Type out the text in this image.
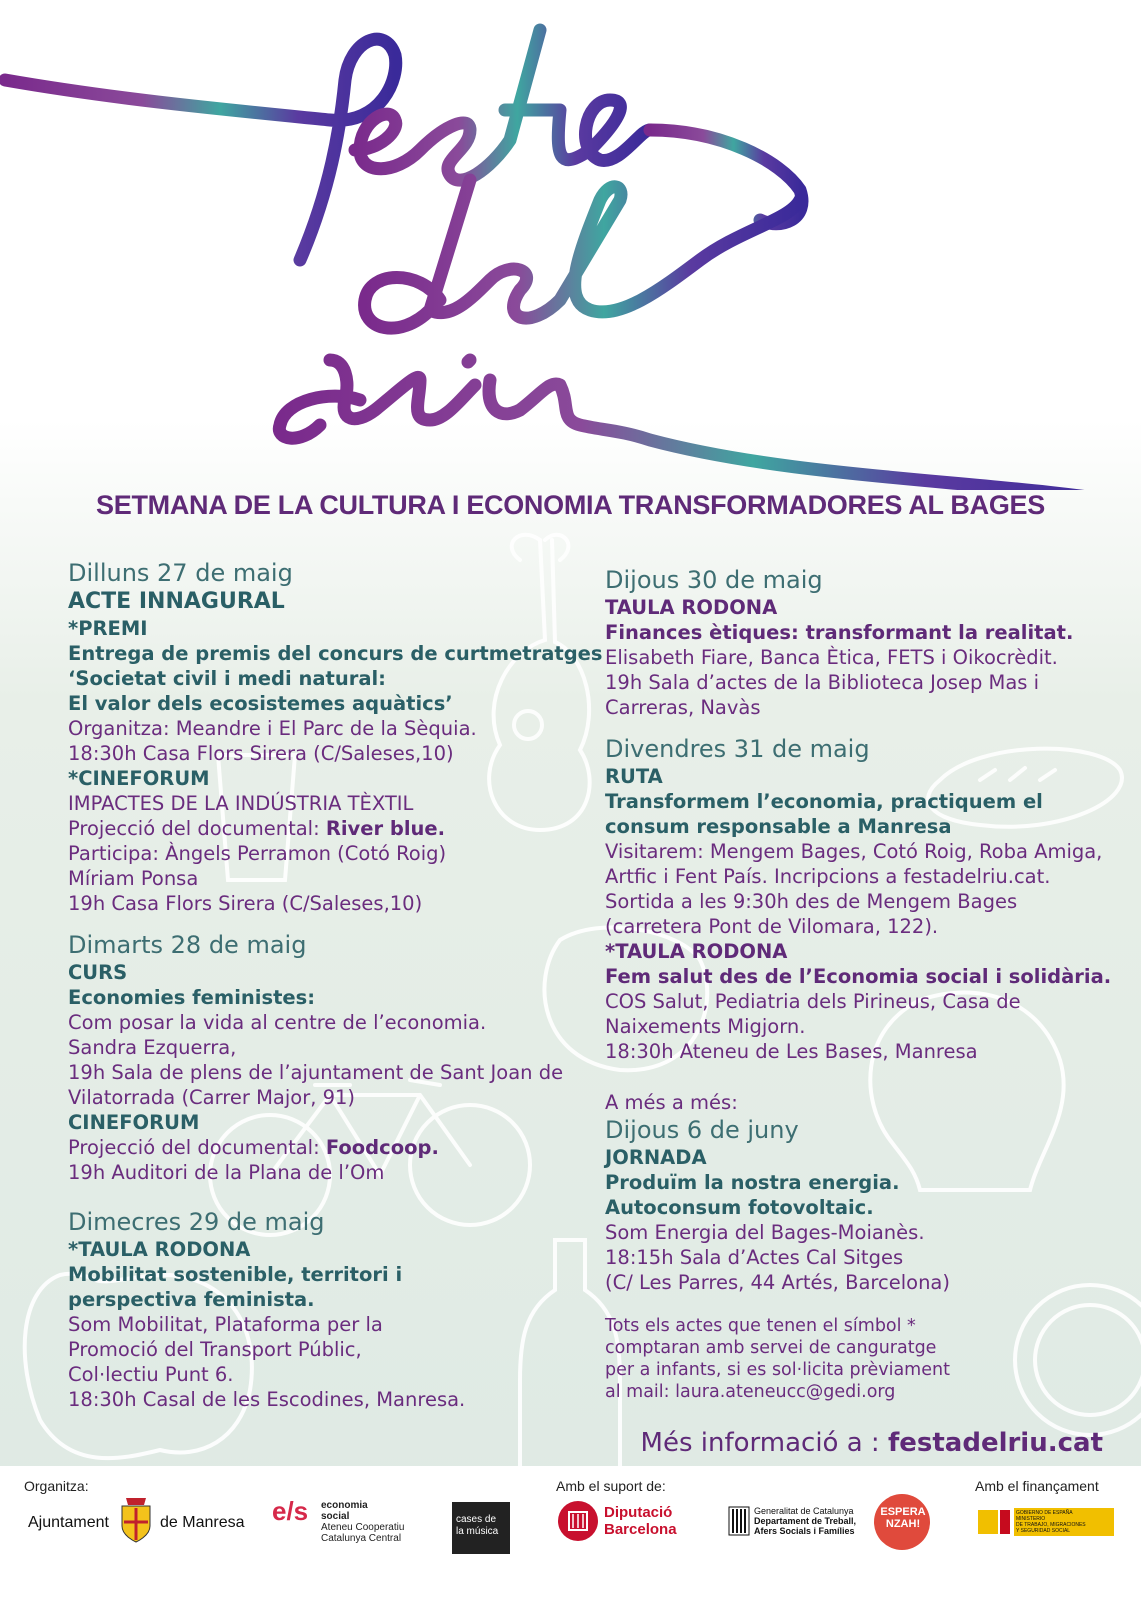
SETMANA DE LA CULTURA I ECONOMIA TRANSFORMADORES AL BAGES
Dilluns 27 de maig
ACTE INNAGURAL
*PREMI
Entrega de premis del concurs de curtmetratges
‘Societat civil i medi natural:
El valor dels ecosistemes aquàtics’
Organitza: Meandre i El Parc de la Sèquia.
18:30h Casa Flors Sirera (C/Saleses,10)
*CINEFORUM
IMPACTES DE LA INDÚSTRIA TÈXTIL
Projecció del documental: River blue.
Participa: Àngels Perramon (Cotó Roig)
Míriam Ponsa
19h Casa Flors Sirera (C/Saleses,10)
Dimarts 28 de maig
CURS
Economies feministes:
Com posar la vida al centre de l’economia.
Sandra Ezquerra,
19h Sala de plens de l’ajuntament de Sant Joan de
Vilatorrada (Carrer Major, 91)
CINEFORUM
Projecció del documental: Foodcoop.
19h Auditori de la Plana de l’Om
Dimecres 29 de maig
*TAULA RODONA
Mobilitat sostenible, territori i
perspectiva feminista.
Som Mobilitat, Plataforma per la
Promoció del Transport Públic,
Col·lectiu Punt 6.
18:30h Casal de les Escodines, Manresa.
Dijous 30 de maig
TAULA RODONA
Finances ètiques: transformant la realitat.
Elisabeth Fiare, Banca Ètica, FETS i Oikocrèdit.
19h Sala d’actes de la Biblioteca Josep Mas i
Carreras, Navàs
Divendres 31 de maig
RUTA
Transformem l’economia, practiquem el
consum responsable a Manresa
Visitarem: Mengem Bages, Cotó Roig, Roba Amiga,
Artfic i Fent País. Incripcions a festadelriu.cat.
Sortida a les 9:30h des de Mengem Bages
(carretera Pont de Vilomara, 122).
*TAULA RODONA
Fem salut des de l’Economia social i solidària.
COS Salut, Pediatria dels Pirineus, Casa de
Naixements Migjorn.
18:30h Ateneu de Les Bases, Manresa
A més a més:
Dijous 6 de juny
JORNADA
Produïm la nostra energia.
Autoconsum fotovoltaic.
Som Energia del Bages-Moianès.
18:15h Sala d’Actes Cal Sitges
(C/ Les Parres, 44 Artés, Barcelona)
Tots els actes que tenen el símbol *
comptaran amb servei de canguratge
per a infants, si es sol·licita prèviament
al mail: laura.ateneucc@gedi.org
Més informació a : festadelriu.cat
Organitza:	Amb el suport de:	Amb el finançament
Ajuntament	de Manresa e/s economia
social
Ateneu Cooperatiu
Catalunya Central
cases de
la música
Diputació
Barcelona
Generalitat de Catalunya
Departament de Treball,
Afers Socials i Famílies
ESPERANZAH!
GOBIERNO DE ESPAÑA
MINISTERIO
DE TRABAJO, MIGRACIONES
Y SEGURIDAD SOCIAL
